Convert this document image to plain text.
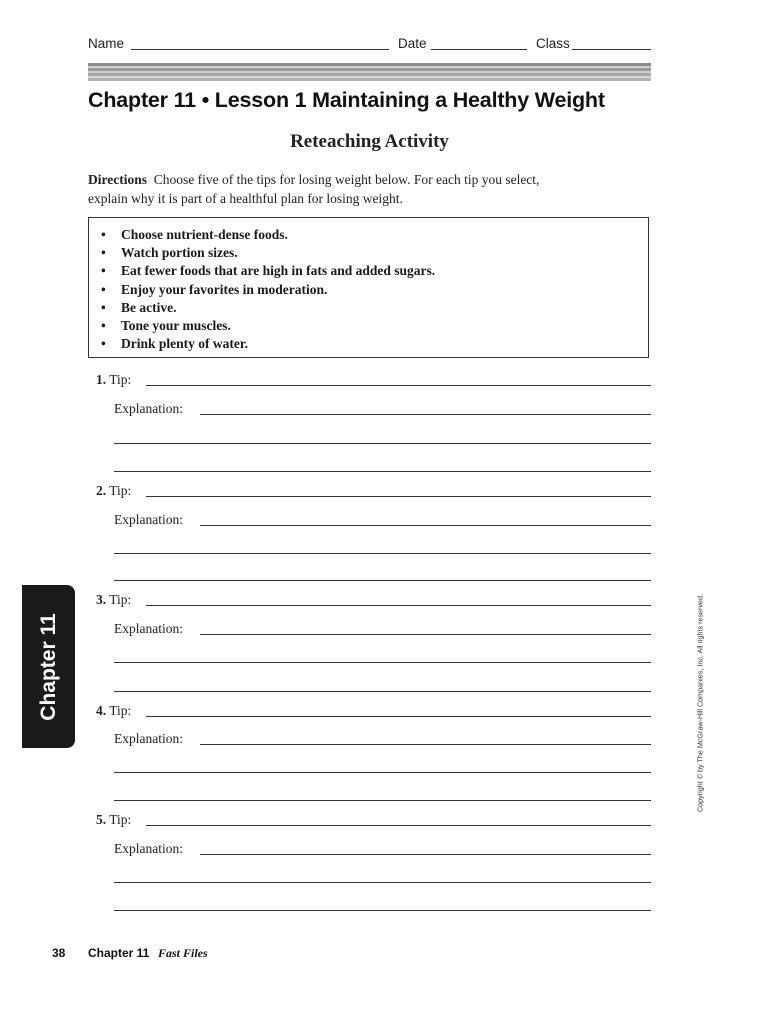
Name	Date	Class
Chapter 11 • Lesson 1 Maintaining a Healthy Weight
Reteaching Activity
Directions Choose five of the tips for losing weight below. For each tip you select, explain why it is part of a healthful plan for losing weight.
• Choose nutrient-dense foods.
• Watch portion sizes.
• Eat fewer foods that are high in fats and added sugars.
• Enjoy your favorites in moderation.
• Be active.
• Tone your muscles.
• Drink plenty of water.
1. Tip:
Explanation:
2. Tip:
Explanation:
3. Tip:
Explanation:
4. Tip:
Explanation:
5. Tip:
Explanation:
Chapter 11	Copyright © by The McGraw-Hill Companies, Inc. All rights reserved.
38 Chapter 11 Fast Files
